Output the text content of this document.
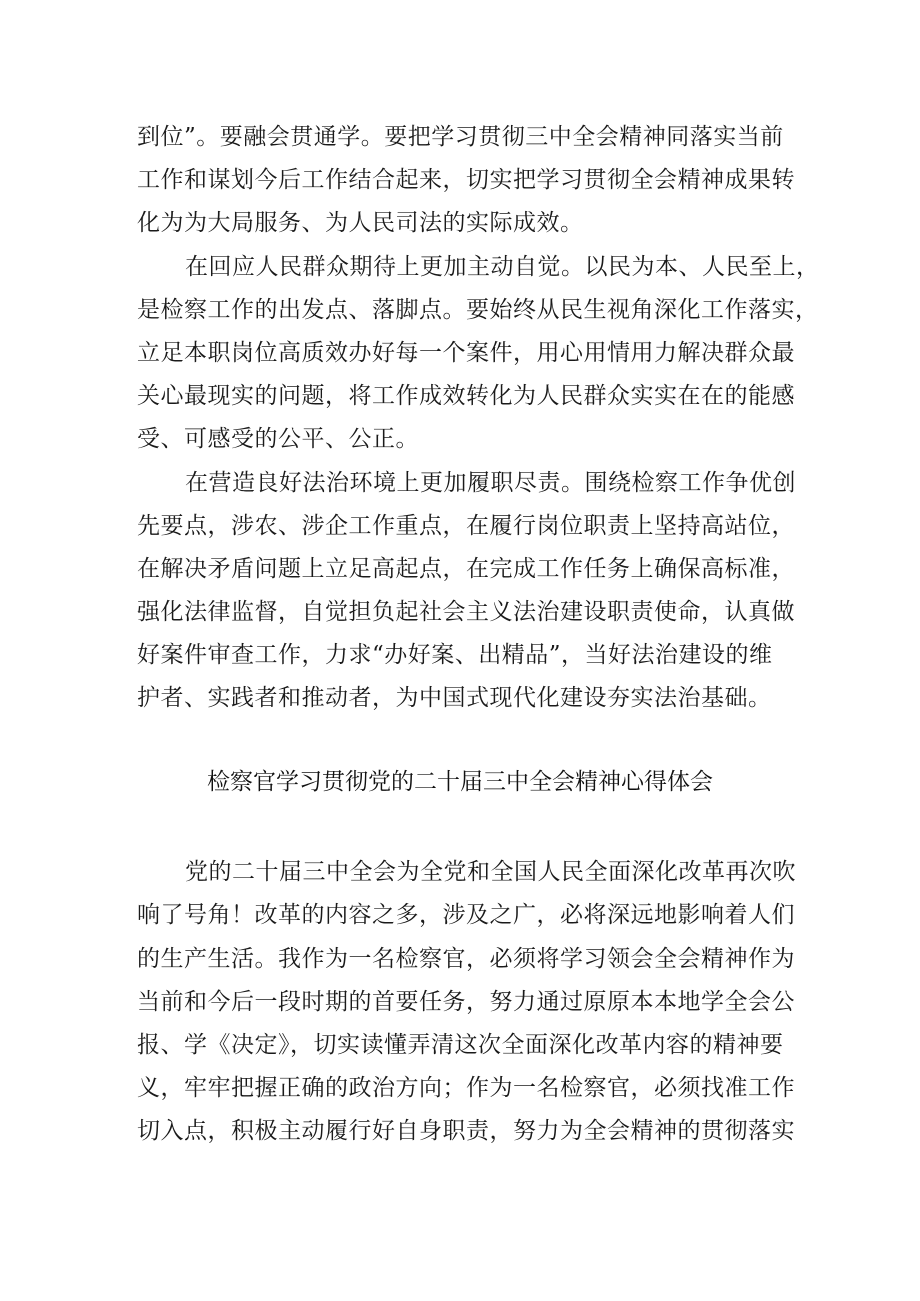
到位”。要融会贯通学。要把学习贯彻三中全会精神同落实当前
工作和谋划今后工作结合起来，切实把学习贯彻全会精神成果转
化为为大局服务、为人民司法的实际成效。
在回应人民群众期待上更加主动自觉。以民为本、人民至上，
是检察工作的出发点、落脚点。要始终从民生视角深化工作落实，
立足本职岗位高质效办好每一个案件，用心用情用力解决群众最
关心最现实的问题，将工作成效转化为人民群众实实在在的能感
受、可感受的公平、公正。
在营造良好法治环境上更加履职尽责。围绕检察工作争优创
先要点，涉农、涉企工作重点，在履行岗位职责上坚持高站位，
在解决矛盾问题上立足高起点，在完成工作任务上确保高标准，
强化法律监督，自觉担负起社会主义法治建设职责使命，认真做
好案件审查工作，力求“办好案、出精品”，当好法治建设的维
护者、实践者和推动者，为中国式现代化建设夯实法治基础。
检察官学习贯彻党的二十届三中全会精神心得体会
党的二十届三中全会为全党和全国人民全面深化改革再次吹
响了号角！改革的内容之多，涉及之广，必将深远地影响着人们
的生产生活。我作为一名检察官，必须将学习领会全会精神作为
当前和今后一段时期的首要任务，努力通过原原本本地学全会公
报、学《决定》，切实读懂弄清这次全面深化改革内容的精神要
义，牢牢把握正确的政治方向；作为一名检察官，必须找准工作
切入点，积极主动履行好自身职责，努力为全会精神的贯彻落实
